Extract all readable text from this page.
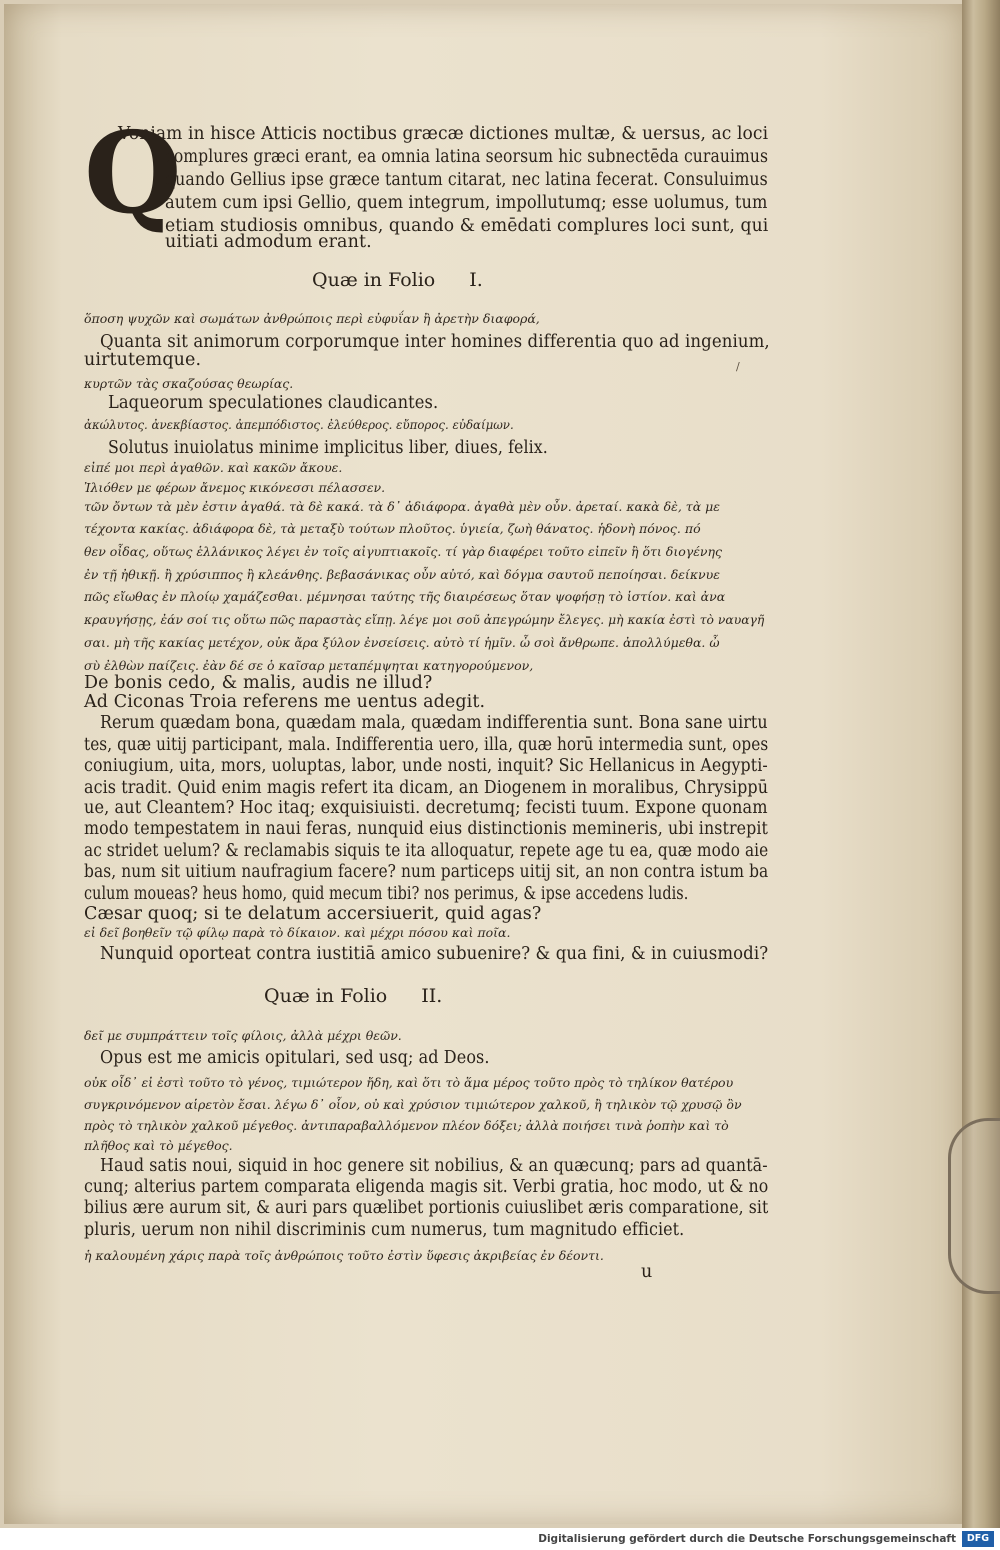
Q
Voniam in hisce Atticis noctibus græcæ dictiones multæ, & uersus, ac loci
complures græci erant, ea omnia latina seorsum hic subnectēda curauimus
quando Gellius ipse græce tantum citarat, nec latina fecerat. Consuluimus
autem cum ipsi Gellio, quem integrum, impollutumq; esse uolumus, tum
etiam studiosis omnibus, quando & emēdati complures loci sunt, qui
uitiati admodum erant.
Quæ in Folio I.
Quæ in Folio II.
ὅποση ψυχῶν καὶ σωμάτων ἀνθρώποις περὶ εὐφυΐαν ἢ ἀρετὴν διαφορά,
Quanta sit animorum corporumque inter homines differentia quo ad ingenium,
uirtutemque.
κυρτῶν τὰς σκαζούσας θεωρίας.
Laqueorum speculationes claudicantes.
ἀκώλυτος. ἀνεκβίαστος. ἀπεμπόδιστος. ἐλεύθερος. εὔπορος. εὐδαίμων.
Solutus inuiolatus minime implicitus liber, diues, felix.
εἰπέ μοι περὶ ἀγαθῶν. καὶ κακῶν ἄκουε.
Ἰλιόθεν με φέρων ἄνεμος κικόνεσσι πέλασσεν.
τῶν ὄντων τὰ μὲν ἐστιν ἀγαθά. τὰ δὲ κακά. τὰ δ᾽ ἀδιάφορα. ἀγαθὰ μὲν οὖν. ἀρεταί. κακὰ δὲ, τὰ με
τέχοντα κακίας. ἀδιάφορα δὲ, τὰ μεταξὺ τούτων πλοῦτος. ὑγιεία, ζωὴ θάνατος. ἡδονὴ πόνος. πό
θεν οἶδας, οὕτως ἑλλάνικος λέγει ἐν τοῖς αἰγυπτιακοῖς. τί γὰρ διαφέρει τοῦτο εἰπεῖν ἢ ὅτι διογένης
ἐν τῇ ἠθικῇ. ἢ χρύσιππος ἢ κλεάνθης. βεβασάνικας οὖν αὐτό, καὶ δόγμα σαυτοῦ πεποίησαι. δείκνυε
πῶς εἴωθας ἐν πλοίῳ χαμάζεσθαι. μέμνησαι ταύτης τῆς διαιρέσεως ὅταν ψοφήσῃ τὸ ἱστίον. καὶ ἀνα
κραυγήσῃς, ἐάν σοί τις οὕτω πῶς παραστὰς εἴπῃ. λέγε μοι σοῦ ἀπεγρώμην ἔλεγες. μὴ κακία ἐστὶ τὸ ναυαγῆ
σαι. μὴ τῆς κακίας μετέχον, οὐκ ἄρα ξύλον ἐνσείσεις. αὐτὸ τί ἡμῖν. ὦ σοὶ ἄνθρωπε. ἀπολλύμεθα. ὦ
σὺ ἐλθὼν παίζεις. ἐὰν δέ σε ὁ καῖσαρ μεταπέμψηται κατηγορούμενον,
De bonis cedo, & malis, audis ne illud?
Ad Ciconas Troia referens me uentus adegit.
Rerum quædam bona, quædam mala, quædam indifferentia sunt. Bona sane uirtu
tes, quæ uitij participant, mala. Indifferentia uero, illa, quæ horū intermedia sunt, opes
coniugium, uita, mors, uoluptas, labor, unde nosti, inquit? Sic Hellanicus in Aegypti-
acis tradit. Quid enim magis refert ita dicam, an Diogenem in moralibus, Chrysippū
ue, aut Cleantem? Hoc itaq; exquisiuisti. decretumq; fecisti tuum. Expone quonam
modo tempestatem in naui feras, nunquid eius distinctionis memineris, ubi instrepit
ac stridet uelum? & reclamabis siquis te ita alloquatur, repete age tu ea, quæ modo aie
bas, num sit uitium naufragium facere? num particeps uitij sit, an non contra istum ba
culum moueas? heus homo, quid mecum tibi? nos perimus, & ipse accedens ludis.
Cæsar quoq; si te delatum accersiuerit, quid agas?
εἰ δεῖ βοηθεῖν τῷ φίλῳ παρὰ τὸ δίκαιον. καὶ μέχρι πόσου καὶ ποῖα.
Nunquid oporteat contra iustitiā amico subuenire? & qua fini, & in cuiusmodi?
δεῖ με συμπράττειν τοῖς φίλοις, ἀλλὰ μέχρι θεῶν.
Opus est me amicis opitulari, sed usq; ad Deos.
οὐκ οἶδ᾽ εἰ ἐστὶ τοῦτο τὸ γένος, τιμιώτερον ἤδη, καὶ ὅτι τὸ ἅμα μέρος τοῦτο πρὸς τὸ τηλίκον θατέρου
συγκρινόμενον αἱρετὸν ἔσαι. λέγω δ᾽ οἷον, οὐ καὶ χρύσιον τιμιώτερον χαλκοῦ, ἢ τηλικὸν τῷ χρυσῷ ὂν
πρὸς τὸ τηλικὸν χαλκοῦ μέγεθος. ἀντιπαραβαλλόμενον πλέον δόξει; ἀλλὰ ποιήσει τινὰ ῥοπὴν καὶ τὸ
πλῆθος καὶ τὸ μέγεθος.
Haud satis noui, siquid in hoc genere sit nobilius, & an quæcunq; pars ad quantā-
cunq; alterius partem comparata eligenda magis sit. Verbi gratia, hoc modo, ut & no
bilius ære aurum sit, & auri pars quælibet portionis cuiuslibet æris comparatione, sit
pluris, uerum non nihil discriminis cum numerus, tum magnitudo efficiet.
ἡ καλουμένη χάρις παρὰ τοῖς ἀνθρώποις τοῦτο ἐστὶν ὕφεσις ἀκριβείας ἐν δέοντι.
u
/
Digitalisierung gefördert durch die Deutsche Forschungsgemeinschaft	DFG
